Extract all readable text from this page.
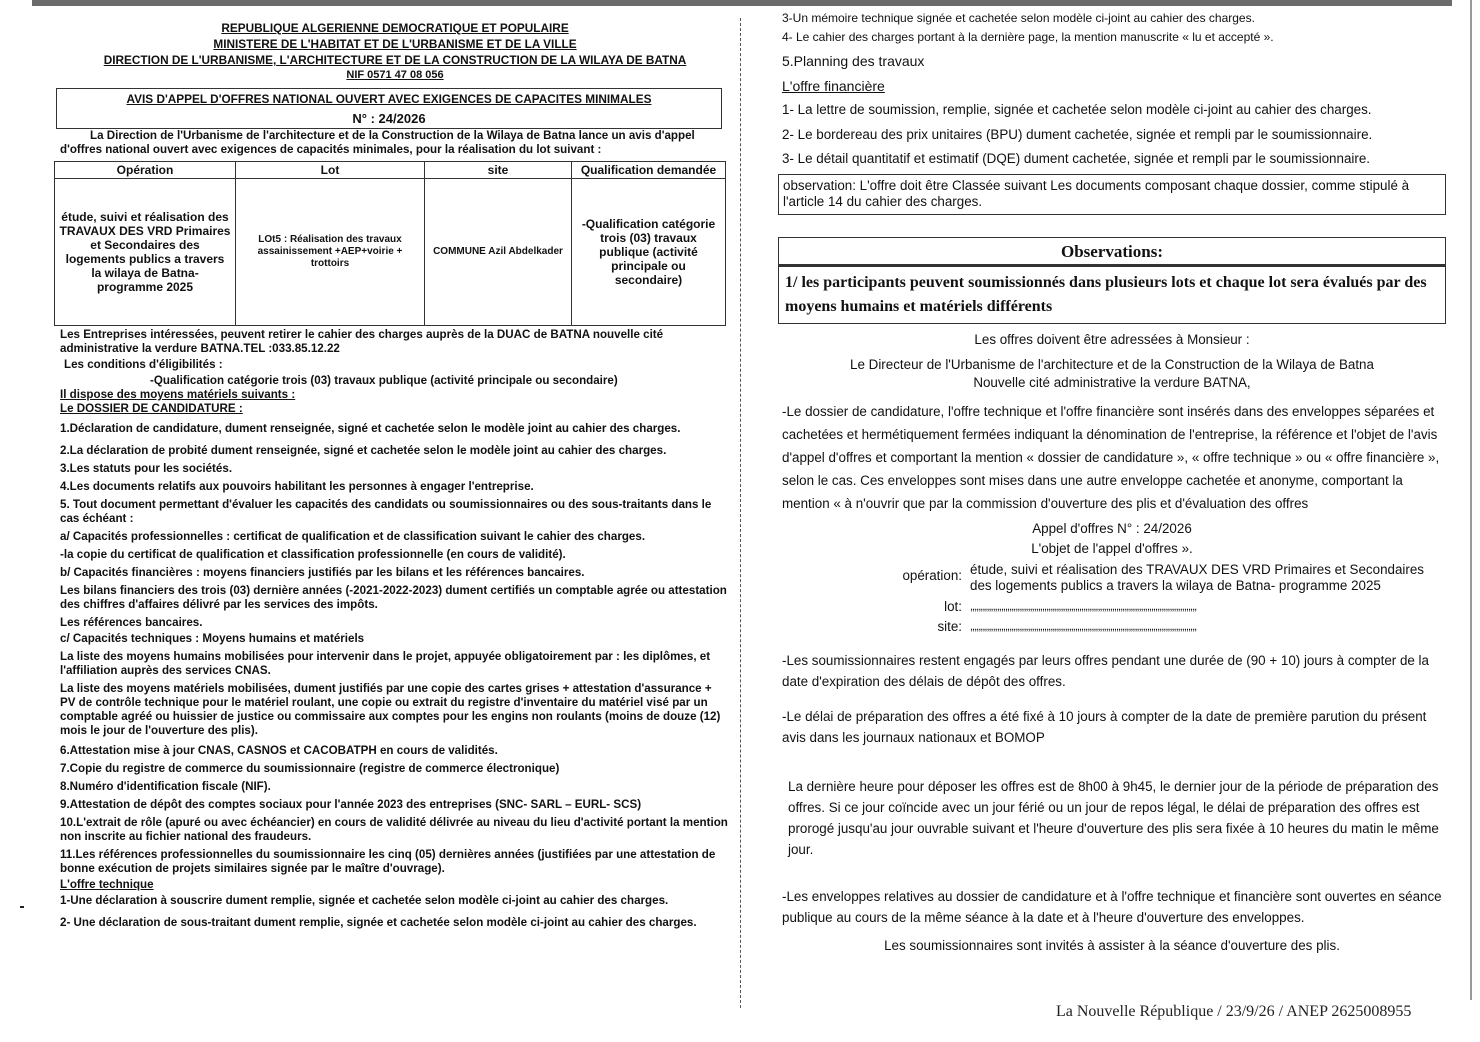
REPUBLIQUE ALGERIENNE DEMOCRATIQUE ET POPULAIRE
MINISTERE DE L'HABITAT ET DE L'URBANISME ET DE LA VILLE
DIRECTION DE L'URBANISME, L'ARCHITECTURE ET DE LA CONSTRUCTION DE LA WILAYA DE BATNA
NIF 0571 47 08 056
AVIS D'APPEL D'OFFRES NATIONAL OUVERT AVEC EXIGENCES DE CAPACITES MINIMALES
N° : 24/2026

La Direction de l'Urbanisme de l'architecture et de la Construction de la Wilaya de Batna lance un avis d'appel d'offres national ouvert avec exigences de capacités minimales, pour la réalisation du lot suivant :

Opération	Lot	site	Qualification demandée
étude, suivi et réalisation des TRAVAUX DES VRD Primaires et Secondaires des logements publics a travers la wilaya de Batna- programme 2025	LOt5 : Réalisation des travaux assainissement +AEP+voirie + trottoirs	COMMUNE Azil Abdelkader	-Qualification catégorie trois (03) travaux publique (activité principale ou secondaire)

Les Entreprises intéressées, peuvent retirer le cahier des charges auprès de la DUAC de BATNA nouvelle cité administrative la verdure BATNA.TEL :033.85.12.22

Les conditions d'éligibilités :

-Qualification catégorie trois (03) travaux publique (activité principale ou secondaire)

Il dispose des moyens matériels suivants :

Le DOSSIER DE CANDIDATURE :

1.Déclaration de candidature, dument renseignée, signé et cachetée selon le modèle joint au cahier des charges.

2.La déclaration de probité dument renseignée, signé et cachetée selon le modèle joint au cahier des charges.

3.Les statuts pour les sociétés.

4.Les documents relatifs aux pouvoirs habilitant les personnes à engager l'entreprise.

5. Tout document permettant d'évaluer les capacités des candidats ou soumissionnaires ou des sous-traitants dans le cas échéant :

a/ Capacités professionnelles : certificat de qualification et de classification suivant le cahier des charges.

-la copie du certificat de qualification et classification professionnelle (en cours de validité).

b/ Capacités financières : moyens financiers justifiés par les bilans et les références bancaires.

Les bilans financiers des trois (03) dernière années (-2021-2022-2023) dument certifiés un comptable agrée ou attestation des chiffres d'affaires délivré par les services des impôts.

Les références bancaires.

c/ Capacités techniques : Moyens humains et matériels

La liste des moyens humains mobilisées pour intervenir dans le projet, appuyée obligatoirement par : les diplômes, et l'affiliation auprès des services CNAS.

La liste des moyens matériels mobilisées, dument justifiés par une copie des cartes grises + attestation d'assurance + PV de contrôle technique pour le matériel roulant, une copie ou extrait du registre d'inventaire du matériel visé par un comptable agréé ou huissier de justice ou commissaire aux comptes pour les engins non roulants (moins de douze (12) mois le jour de l'ouverture des plis).

6.Attestation mise à jour CNAS, CASNOS et CACOBATPH en cours de validités.

7.Copie du registre de commerce du soumissionnaire (registre de commerce électronique)

8.Numéro d'identification fiscale (NIF).

9.Attestation de dépôt des comptes sociaux pour l'année 2023 des entreprises (SNC- SARL – EURL- SCS)

10.L'extrait de rôle (apuré ou avec échéancier) en cours de validité délivrée au niveau du lieu d'activité portant la mention non inscrite au fichier national des fraudeurs.

11.Les références professionnelles du soumissionnaire les cinq (05) dernières années (justifiées par une attestation de bonne exécution de projets similaires signée par le maître d'ouvrage).

L'offre technique

1-Une déclaration à souscrire dument remplie, signée et cachetée selon modèle ci-joint au cahier des charges.

2- Une déclaration de sous-traitant dument remplie, signée et cachetée selon modèle ci-joint au cahier des charges.

3-Un mémoire technique signée et cachetée selon modèle ci-joint au cahier des charges.

4- Le cahier des charges portant à la dernière page, la mention manuscrite « lu et accepté ».

5.Planning des travaux

L'offre financière

1- La lettre de soumission, remplie, signée et cachetée selon modèle ci-joint au cahier des charges.

2- Le bordereau des prix unitaires (BPU) dument cachetée, signée et rempli par le soumissionnaire.

3- Le détail quantitatif et estimatif (DQE) dument cachetée, signée et rempli par le soumissionnaire.

observation: L'offre doit être Classée suivant Les documents composant chaque dossier, comme stipulé à l'article 14 du cahier des charges.
Observations:
1/ les participants peuvent soumissionnés dans plusieurs lots et chaque lot sera évalués par des moyens humains et matériels différents

Les offres doivent être adressées à Monsieur :

Le Directeur de l'Urbanisme de l'architecture et de la Construction de la Wilaya de Batna

Nouvelle cité administrative la verdure BATNA,

-Le dossier de candidature, l'offre technique et l'offre financière sont insérés dans des enveloppes séparées et cachetées et hermétiquement fermées indiquant la dénomination de l'entreprise, la référence et l'objet de l'avis d'appel d'offres et comportant la mention « dossier de candidature », « offre technique » ou « offre financière », selon le cas. Ces enveloppes sont mises dans une autre enveloppe cachetée et anonyme, comportant la mention « à n'ouvrir que par la commission d'ouverture des plis et d'évaluation des offres

Appel d'offres N° : 24/2026

L'objet de l'appel d'offres ».

opération: étude, suivi et réalisation des TRAVAUX DES VRD Primaires et Secondaires des logements publics a travers la wilaya de Batna- programme 2025
lot: ,,,,,,,,,,,,,,,,,,,,,,,,,,,,,,,,,,,,,,,,,,,,,,,,,,,,,,,,,,,,,,,,,,,,,,,,,,,,,,,,,,,,,,,,,,,,,,,,,,,,,,,,,,,,,,
site: ,,,,,,,,,,,,,,,,,,,,,,,,,,,,,,,,,,,,,,,,,,,,,,,,,,,,,,,,,,,,,,,,,,,,,,,,,,,,,,,,,,,,,,,,,,,,,,,,,,,,,,,,,,,,,,

-Les soumissionnaires restent engagés par leurs offres pendant une durée de (90 + 10) jours à compter de la date d'expiration des délais de dépôt des offres.

-Le délai de préparation des offres a été fixé à 10 jours à compter de la date de première parution du présent avis dans les journaux nationaux et BOMOP

La dernière heure pour déposer les offres est de 8h00 à 9h45, le dernier jour de la période de préparation des offres. Si ce jour coïncide avec un jour férié ou un jour de repos légal, le délai de préparation des offres est prorogé jusqu'au jour ouvrable suivant et l'heure d'ouverture des plis sera fixée à 10 heures du matin le même jour.

-Les enveloppes relatives au dossier de candidature et à l'offre technique et financière sont ouvertes en séance publique au cours de la même séance à la date et à l'heure d'ouverture des enveloppes.

Les soumissionnaires sont invités à assister à la séance d'ouverture des plis.

La Nouvelle République / 23/9/26 / ANEP 2625008955
